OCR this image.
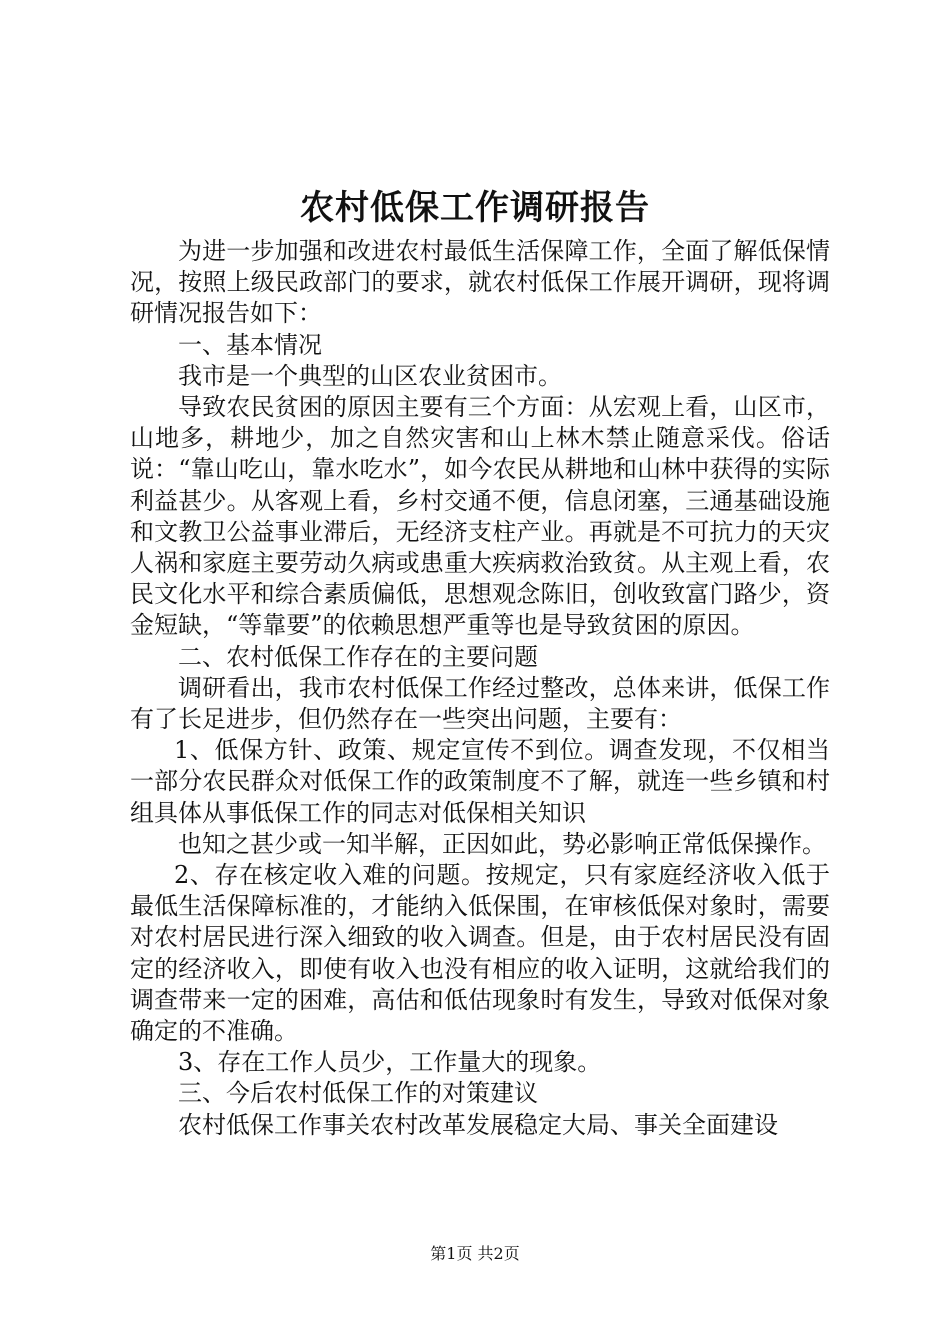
农村低保工作调研报告

为进一步加强和改进农村最低生活保障工作，全面了解低保情况，按照上级民政部门的要求，就农村低保工作展开调研，现将调研情况报告如下：

一、基本情况

我市是一个典型的山区农业贫困市。

导致农民贫困的原因主要有三个方面：从宏观上看，山区市，山地多，耕地少，加之自然灾害和山上林木禁止随意采伐。俗话说：“靠山吃山，靠水吃水”，如今农民从耕地和山林中获得的实际利益甚少。从客观上看，乡村交通不便，信息闭塞，三通基础设施和文教卫公益事业滞后，无经济支柱产业。再就是不可抗力的天灾人祸和家庭主要劳动久病或患重大疾病救治致贫。从主观上看，农民文化水平和综合素质偏低，思想观念陈旧，创收致富门路少，资金短缺，“等靠要”的依赖思想严重等也是导致贫困的原因。

二、农村低保工作存在的主要问题

调研看出，我市农村低保工作经过整改，总体来讲，低保工作有了长足进步，但仍然存在一些突出问题，主要有：

1、低保方针、政策、规定宣传不到位。调查发现，不仅相当一部分农民群众对低保工作的政策制度不了解，就连一些乡镇和村组具体从事低保工作的同志对低保相关知识

也知之甚少或一知半解，正因如此，势必影响正常低保操作。

2、存在核定收入难的问题。按规定，只有家庭经济收入低于最低生活保障标准的，才能纳入低保围，在审核低保对象时，需要对农村居民进行深入细致的收入调查。但是，由于农村居民没有固定的经济收入，即使有收入也没有相应的收入证明，这就给我们的调查带来一定的困难，高估和低估现象时有发生，导致对低保对象确定的不准确。

3、存在工作人员少，工作量大的现象。

三、今后农村低保工作的对策建议

农村低保工作事关农村改革发展稳定大局、事关全面建设

第1页 共2页
